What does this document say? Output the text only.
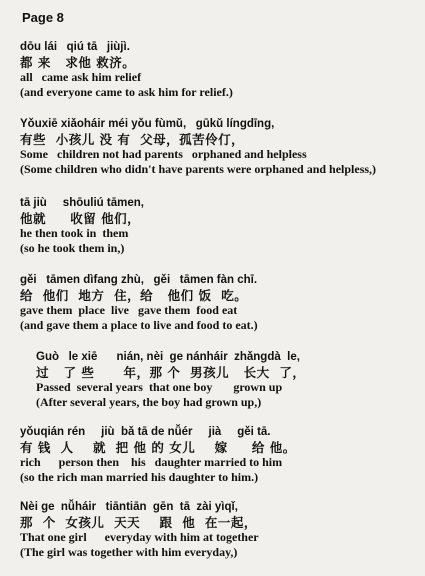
Page 8
dōu lái   qiú tā   jiùjì.
都 来   求他 救济。
all   came ask him relief
(and everyone came to ask him for relief.)
Yǒuxiē xiǎoháir méi yǒu fùmǔ,   gūkǔ língdīng,
有些  小孩儿 没 有  父母，孤苦伶仃，
Some   children not had parents   orphaned and helpless
(Some children who didn't have parents were orphaned and helpless,)
tā jiù     shōuliú tāmen,
他就     收留 他们，
he then took in  them
(so he took them in,)
gěi   tāmen dìfang zhù,   gěi   tāmen fàn chī.
给  他们  地方  住，给   他们 饭  吃。
gave them  place  live   gave them  food eat
(and gave them a place to live and food to eat.)
Guò   le xiē      nián, nèi  ge nánháir  zhǎngdà  le,
过   了 些      年，那 个  男孩儿   长大  了，
Passed  several years  that one boy       grown up
(After several years, the boy had grown up,)
yǒuqián rén     jiù  bǎ tā de nǚér     jià     gěi tā.
有 钱  人    就  把 他 的 女儿    嫁     给 他。
rich      person then    his   daughter married to him
(so the rich man married his daughter to him.)
Nèi ge  nǚháir   tiāntiān  gēn  tā  zài yìqǐ,
那  个  女孩儿  天天    跟  他  在一起，
That one girl      everyday with him at together
(The girl was together with him everyday,)
